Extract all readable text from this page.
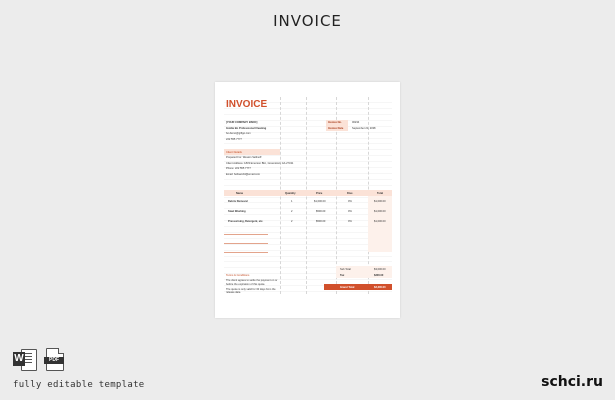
INVOICE
INVOICE
[YOUR COMPANY BSOO]
Goldie Bo Professional Cleaning
bo.demo@giftgo.com
222 555 7777
Invoice No.	00234
Invoice Date	September 21, 2038
Client Details
Prepared For: Weston Sellinoff
Client Address: 1833 Emerson Bld., Greentown, GA 27431
Phone: 222 555 7777
Email: helloworld@email.com
Name	Quantity	Price	Disc.	Total
Debris Removal	1	$1,000.00	0%	$1,000.00
Steel Washing	2	$500.00	0%	$1,000.00
Pressurising, Detergent, etc.	2	$500.00	0%	$1,000.00
Sub Total	$3,000.00
Tax	$300.00
Grand Total	$3,300.00
Terms & Conditions
The client agrees to settle the payment on or
before the expiration of this quote.
The quote is only valid for 30 days from the
release date.
W	PDF
fully editable template	schci.ru
